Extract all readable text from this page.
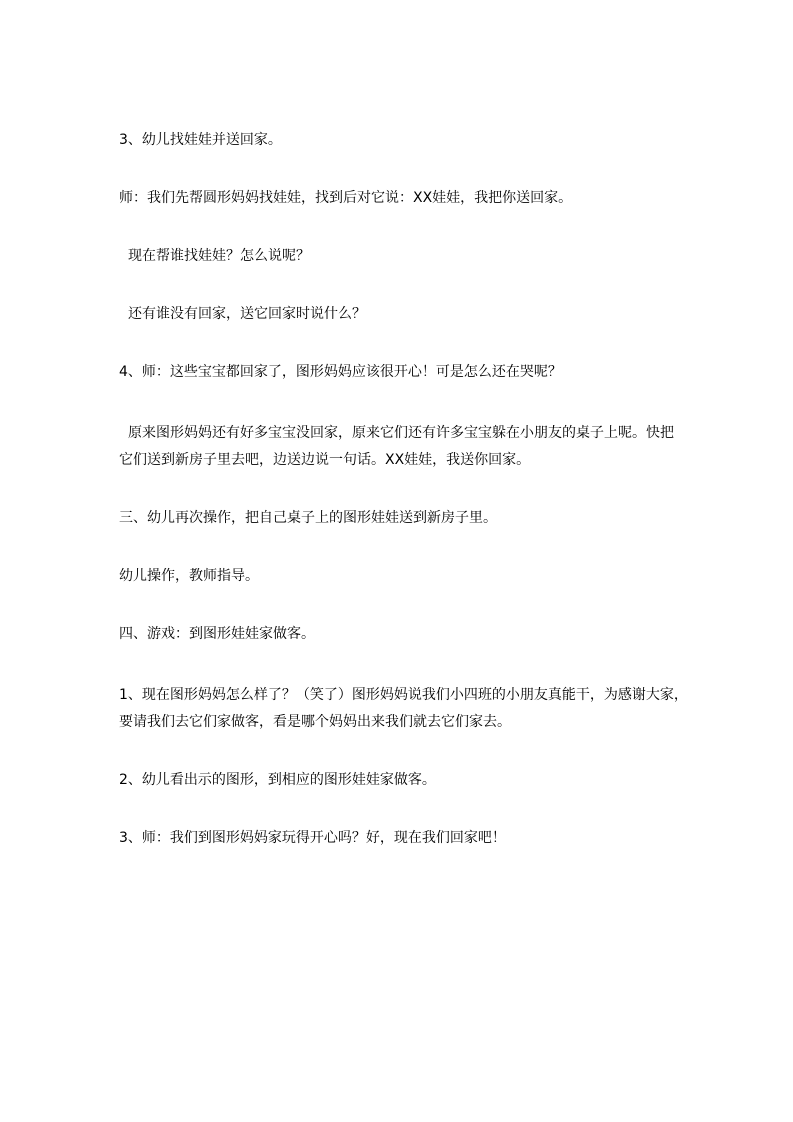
3、幼儿找娃娃并送回家。
师：我们先帮圆形妈妈找娃娃，找到后对它说：XX娃娃，我把你送回家。
现在帮谁找娃娃？怎么说呢？
还有谁没有回家，送它回家时说什么？
4、师：这些宝宝都回家了，图形妈妈应该很开心！可是怎么还在哭呢？
原来图形妈妈还有好多宝宝没回家，原来它们还有许多宝宝躲在小朋友的桌子上呢。快把
它们送到新房子里去吧，边送边说一句话。XX娃娃，我送你回家。
三、幼儿再次操作，把自己桌子上的图形娃娃送到新房子里。
幼儿操作，教师指导。
四、游戏：到图形娃娃家做客。
1、现在图形妈妈怎么样了？（笑了）图形妈妈说我们小四班的小朋友真能干，为感谢大家，
要请我们去它们家做客，看是哪个妈妈出来我们就去它们家去。
2、幼儿看出示的图形，到相应的图形娃娃家做客。
3、师：我们到图形妈妈家玩得开心吗？好，现在我们回家吧！
